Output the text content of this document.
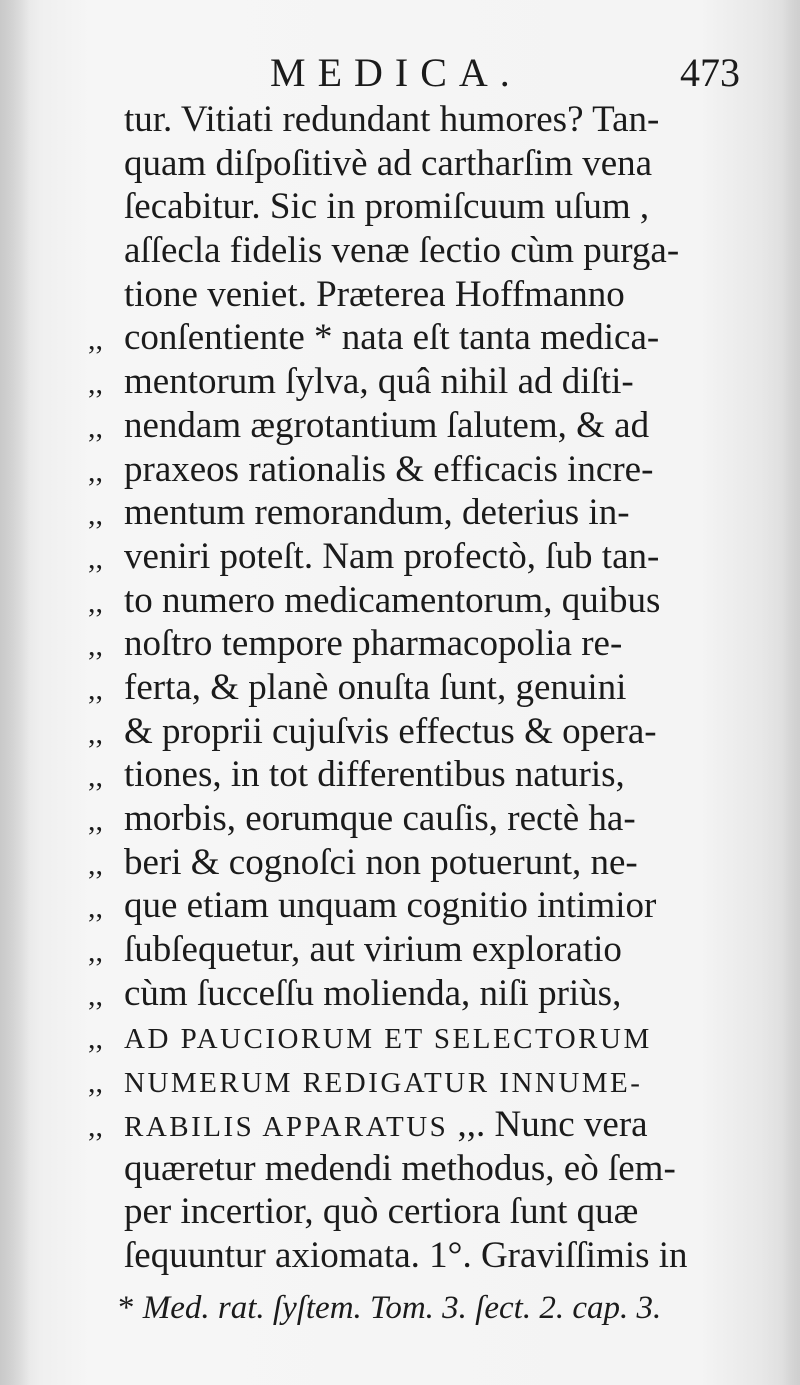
MEDICA.	473
tur. Vitiati redundant humores? Tan-
quam diſpoſitivè ad cartharſim vena
ſecabitur. Sic in promiſcuum uſum ,
aſſecla fidelis venæ ſectio cùm purga-
tione veniet. Præterea Hoffmanno
,, conſentiente * nata eſt tanta medica-
,, mentorum ſylva, quâ nihil ad diſti-
,, nendam ægrotantium ſalutem, & ad
,, praxeos rationalis & efficacis incre-
,, mentum remorandum, deterius in-
,, veniri poteſt. Nam profectò, ſub tan-
,, to numero medicamentorum, quibus
,, noſtro tempore pharmacopolia re-
,, ferta, & planè onuſta ſunt, genuini
,, & proprii cujuſvis effectus & opera-
,, tiones, in tot differentibus naturis,
,, morbis, eorumque cauſis, rectè ha-
,, beri & cognoſci non potuerunt, ne-
,, que etiam unquam cognitio intimior
,, ſubſequetur, aut virium exploratio
,, cùm ſucceſſu molienda, niſi priùs,
,, AD PAUCIORUM ET SELECTORUM
,, NUMERUM REDIGATUR INNUME-
,, RABILIS APPARATUS ,,. Nunc vera
quæretur medendi methodus, eò ſem-
per incertior, quò certiora ſunt quæ
ſequuntur axiomata. 1°. Graviſſimis in
* Med. rat. ſyſtem. Tom. 3. ſect. 2. cap. 3.
